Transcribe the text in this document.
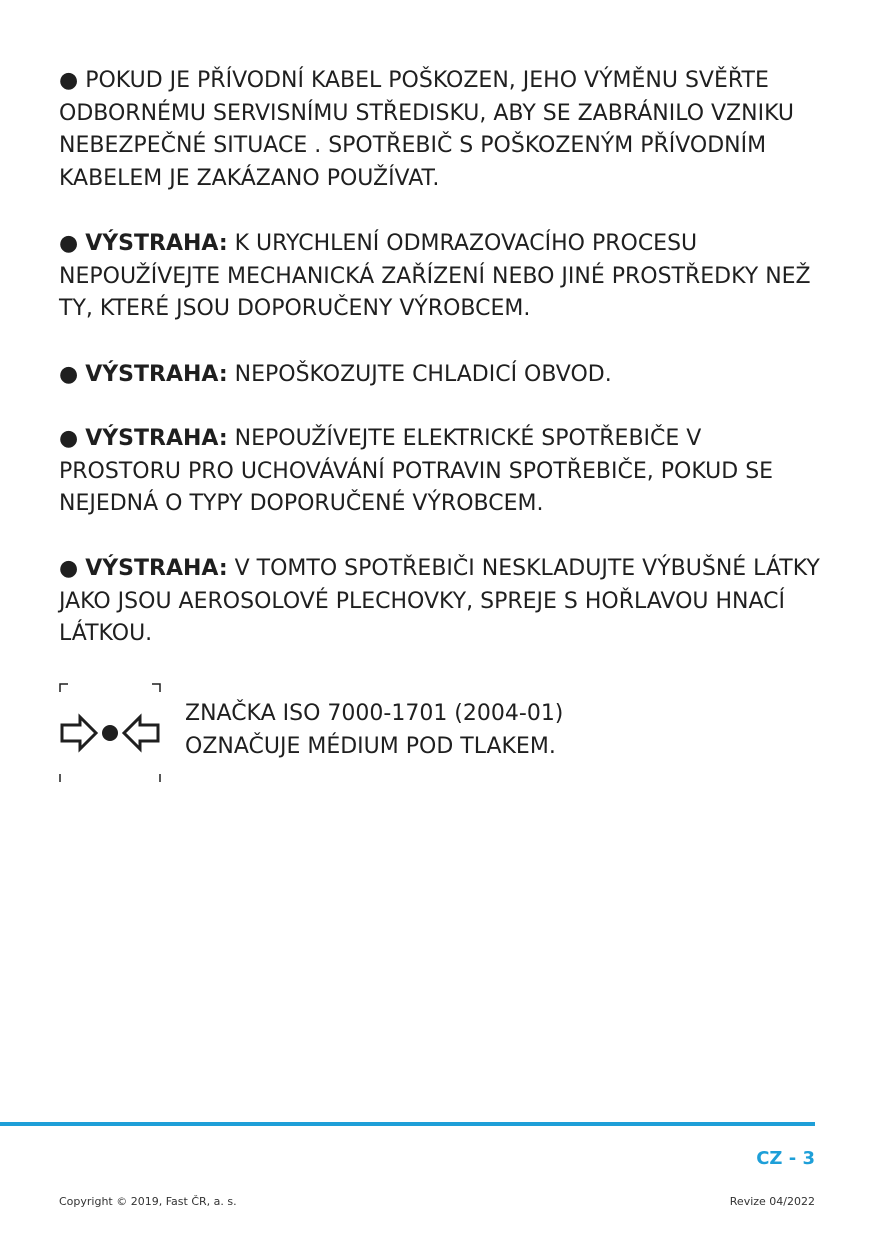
● POKUD JE PŘÍVODNÍ KABEL POŠKOZEN, JEHO VÝMĚNU SVĚŘTE ODBORNÉMU SERVISNÍMU STŘEDISKU, ABY SE ZABRÁNILO VZNIKU NEBEZPEČNÉ SITUACE . SPOTŘEBIČ S POŠKOZENÝM PŘÍVODNÍM KABELEM JE ZAKÁZANO POUŽÍVAT.
● VÝSTRAHA: K URYCHLENÍ ODMRAZOVACÍHO PROCESU NEPOUŽÍVEJTE MECHANICKÁ ZAŘÍZENÍ NEBO JINÉ PROSTŘEDKY NEŽ TY, KTERÉ JSOU DOPORUČENY VÝROBCEM.
● VÝSTRAHA: NEPOŠKOZUJTE CHLADICÍ OBVOD.
● VÝSTRAHA: NEPOUŽÍVEJTE ELEKTRICKÉ SPOTŘEBIČE V PROSTORU PRO UCHOVÁVÁNÍ POTRAVIN SPOTŘEBIČE, POKUD SE NEJEDNÁ O TYPY DOPORUČENÉ VÝROBCEM.
● VÝSTRAHA: V TOMTO SPOTŘEBIČI NESKLADUJTE VÝBUŠNÉ LÁTKY JAKO JSOU AEROSOLOVÉ PLECHOVKY, SPREJE S HOŘLAVOU HNACÍ LÁTKOU.
ZNAČKA ISO 7000-1701 (2004-01)
OZNAČUJE MÉDIUM POD TLAKEM.
CZ - 3
Copyright © 2019, Fast ČR, a. s.	Revize 04/2022
